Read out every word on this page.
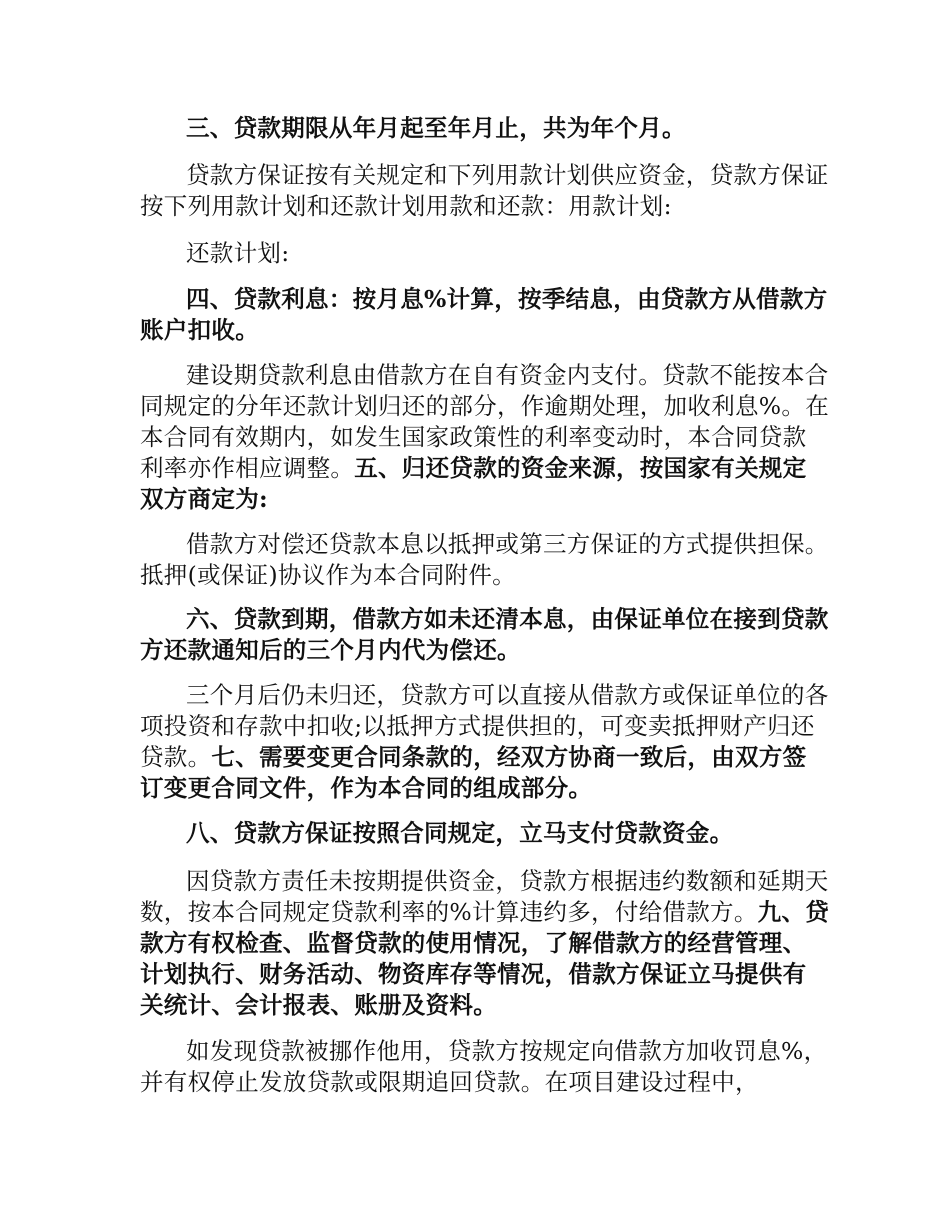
三、贷款期限从年月起至年月止，共为年个月。

贷款方保证按有关规定和下列用款计划供应资金，贷款方保证按下列用款计划和还款计划用款和还款：用款计划:

还款计划:

四、贷款利息：按月息%计算，按季结息，由贷款方从借款方账户扣收。

建设期贷款利息由借款方在自有资金内支付。贷款不能按本合同规定的分年还款计划归还的部分，作逾期处理，加收利息%。在本合同有效期内，如发生国家政策性的利率变动时，本合同贷款利率亦作相应调整。五、归还贷款的资金来源，按国家有关规定双方商定为:

借款方对偿还贷款本息以抵押或第三方保证的方式提供担保。抵押(或保证)协议作为本合同附件。

六、贷款到期，借款方如未还清本息，由保证单位在接到贷款方还款通知后的三个月内代为偿还。

三个月后仍未归还，贷款方可以直接从借款方或保证单位的各项投资和存款中扣收;以抵押方式提供担的，可变卖抵押财产归还贷款。七、需要变更合同条款的，经双方协商一致后，由双方签订变更合同文件，作为本合同的组成部分。

八、贷款方保证按照合同规定，立马支付贷款资金。

因贷款方责任未按期提供资金，贷款方根据违约数额和延期天数，按本合同规定贷款利率的%计算违约多，付给借款方。九、贷款方有权检查、监督贷款的使用情况，了解借款方的经营管理、计划执行、财务活动、物资库存等情况，借款方保证立马提供有关统计、会计报表、账册及资料。

如发现贷款被挪作他用，贷款方按规定向借款方加收罚息%，并有权停止发放贷款或限期追回贷款。在项目建设过程中，
